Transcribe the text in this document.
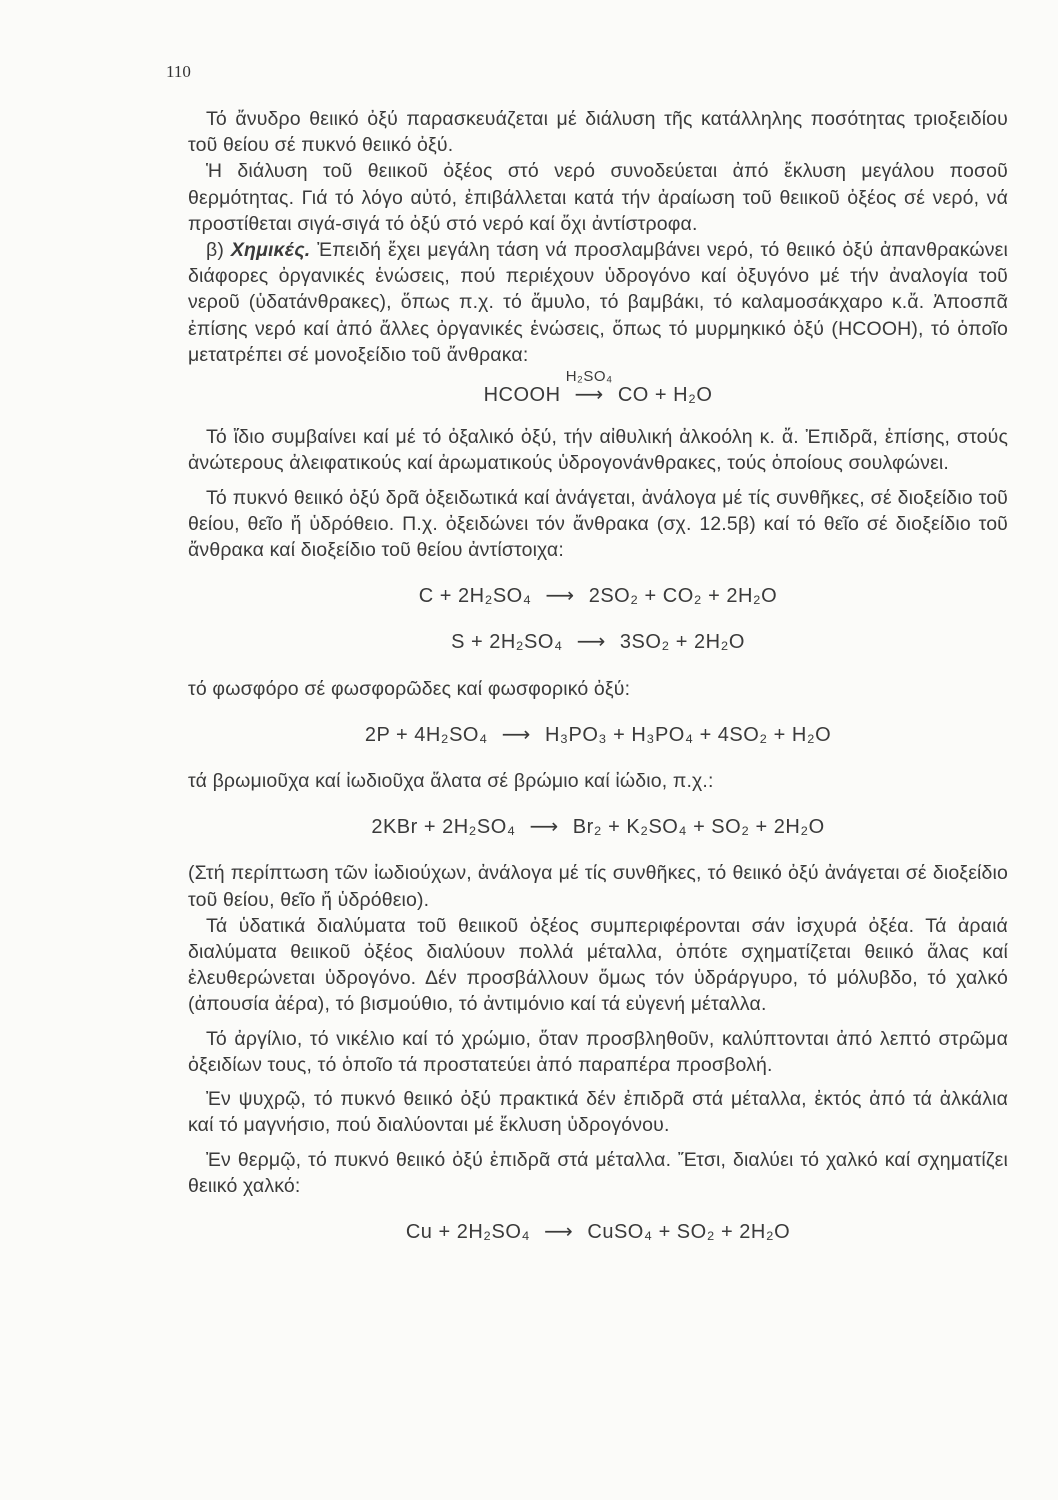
110

Τό ἄνυδρο θειικό ὀξύ παρασκευάζεται μέ διάλυση τῆς κατάλληλης ποσότητας τριοξειδίου τοῦ θείου σέ πυκνό θειικό ὀξύ.

Ἡ διάλυση τοῦ θειικοῦ ὀξέος στό νερό συνοδεύεται ἀπό ἔκλυση μεγάλου ποσοῦ θερμότητας. Γιά τό λόγο αὐτό, ἐπιβάλλεται κατά τήν ἀραίωση τοῦ θειικοῦ ὀξέος σέ νερό, νά προστίθεται σιγά-σιγά τό ὀξύ στό νερό καί ὄχι ἀντίστροφα.

β) Χημικές. Ἐπειδή ἔχει μεγάλη τάση νά προσλαμβάνει νερό, τό θειικό ὀξύ ἀπανθρακώνει διάφορες ὀργανικές ἑνώσεις, πού περιέχουν ὑδρογόνο καί ὀξυγόνο μέ τήν ἀναλογία τοῦ νεροῦ (ὑδατάνθρακες), ὅπως π.χ. τό ἄμυλο, τό βαμβάκι, τό καλαμοσάκχαρο κ.ἄ. Ἀποσπᾶ ἐπίσης νερό καί ἀπό ἄλλες ὀργανικές ἑνώσεις, ὅπως τό μυρμηκικό ὀξύ (HCOOH), τό ὁποῖο μετατρέπει σέ μονοξείδιο τοῦ ἄνθρακα:

HCOOH
H₂SO₄
⟶ CO + H₂O

Τό ἴδιο συμβαίνει καί μέ τό ὀξαλικό ὀξύ, τήν αἰθυλική ἀλκοόλη κ. ἄ. Ἐπιδρᾶ, ἐπίσης, στούς ἀνώτερους ἀλειφατικούς καί ἀρωματικούς ὑδρογονάνθρακες, τούς ὁποίους σουλφώνει.

Τό πυκνό θειικό ὀξύ δρᾶ ὀξειδωτικά καί ἀνάγεται, ἀνάλογα μέ τίς συνθῆκες, σέ διοξείδιο τοῦ θείου, θεῖο ἤ ὑδρόθειο. Π.χ. ὀξειδώνει τόν ἄνθρακα (σχ. 12.5β) καί τό θεῖο σέ διοξείδιο τοῦ ἄνθρακα καί διοξείδιο τοῦ θείου ἀντίστοιχα:

C + 2H₂SO₄ ⟶ 2SO₂ + CO₂ + 2H₂O
S + 2H₂SO₄ ⟶ 3SO₂ + 2H₂O

τό φωσφόρο σέ φωσφορῶδες καί φωσφορικό ὀξύ:

2P + 4H₂SO₄ ⟶ H₃PO₃ + H₃PO₄ + 4SO₂ + H₂O

τά βρωμιοῦχα καί ἰωδιοῦχα ἅλατα σέ βρώμιο καί ἰώδιο, π.χ.:

2KBr + 2H₂SO₄ ⟶ Br₂ + K₂SO₄ + SO₂ + 2H₂O

(Στή περίπτωση τῶν ἰωδιούχων, ἀνάλογα μέ τίς συνθῆκες, τό θειικό ὀξύ ἀνάγεται σέ διοξείδιο τοῦ θείου, θεῖο ἤ ὑδρόθειο).

Τά ὑδατικά διαλύματα τοῦ θειικοῦ ὀξέος συμπεριφέρονται σάν ἰσχυρά ὀξέα. Τά ἀραιά διαλύματα θειικοῦ ὀξέος διαλύουν πολλά μέταλλα, ὁπότε σχηματίζεται θειικό ἅλας καί ἐλευθερώνεται ὑδρογόνο. Δέν προσβάλλουν ὅμως τόν ὑδράργυρο, τό μόλυβδο, τό χαλκό (ἀπουσία ἀέρα), τό βισμούθιο, τό ἀντιμόνιο καί τά εὐγενή μέταλλα.

Τό ἀργίλιο, τό νικέλιο καί τό χρώμιο, ὅταν προσβληθοῦν, καλύπτονται ἀπό λεπτό στρῶμα ὀξειδίων τους, τό ὁποῖο τά προστατεύει ἀπό παραπέρα προσβολή.

Ἐν ψυχρῷ, τό πυκνό θειικό ὀξύ πρακτικά δέν ἐπιδρᾶ στά μέταλλα, ἐκτός ἀπό τά ἀλκάλια καί τό μαγνήσιο, πού διαλύονται μέ ἔκλυση ὑδρογόνου.

Ἐν θερμῷ, τό πυκνό θειικό ὀξύ ἐπιδρᾶ στά μέταλλα. Ἔτσι, διαλύει τό χαλκό καί σχηματίζει θειικό χαλκό:

Cu + 2H₂SO₄ ⟶ CuSO₄ + SO₂ + 2H₂O
